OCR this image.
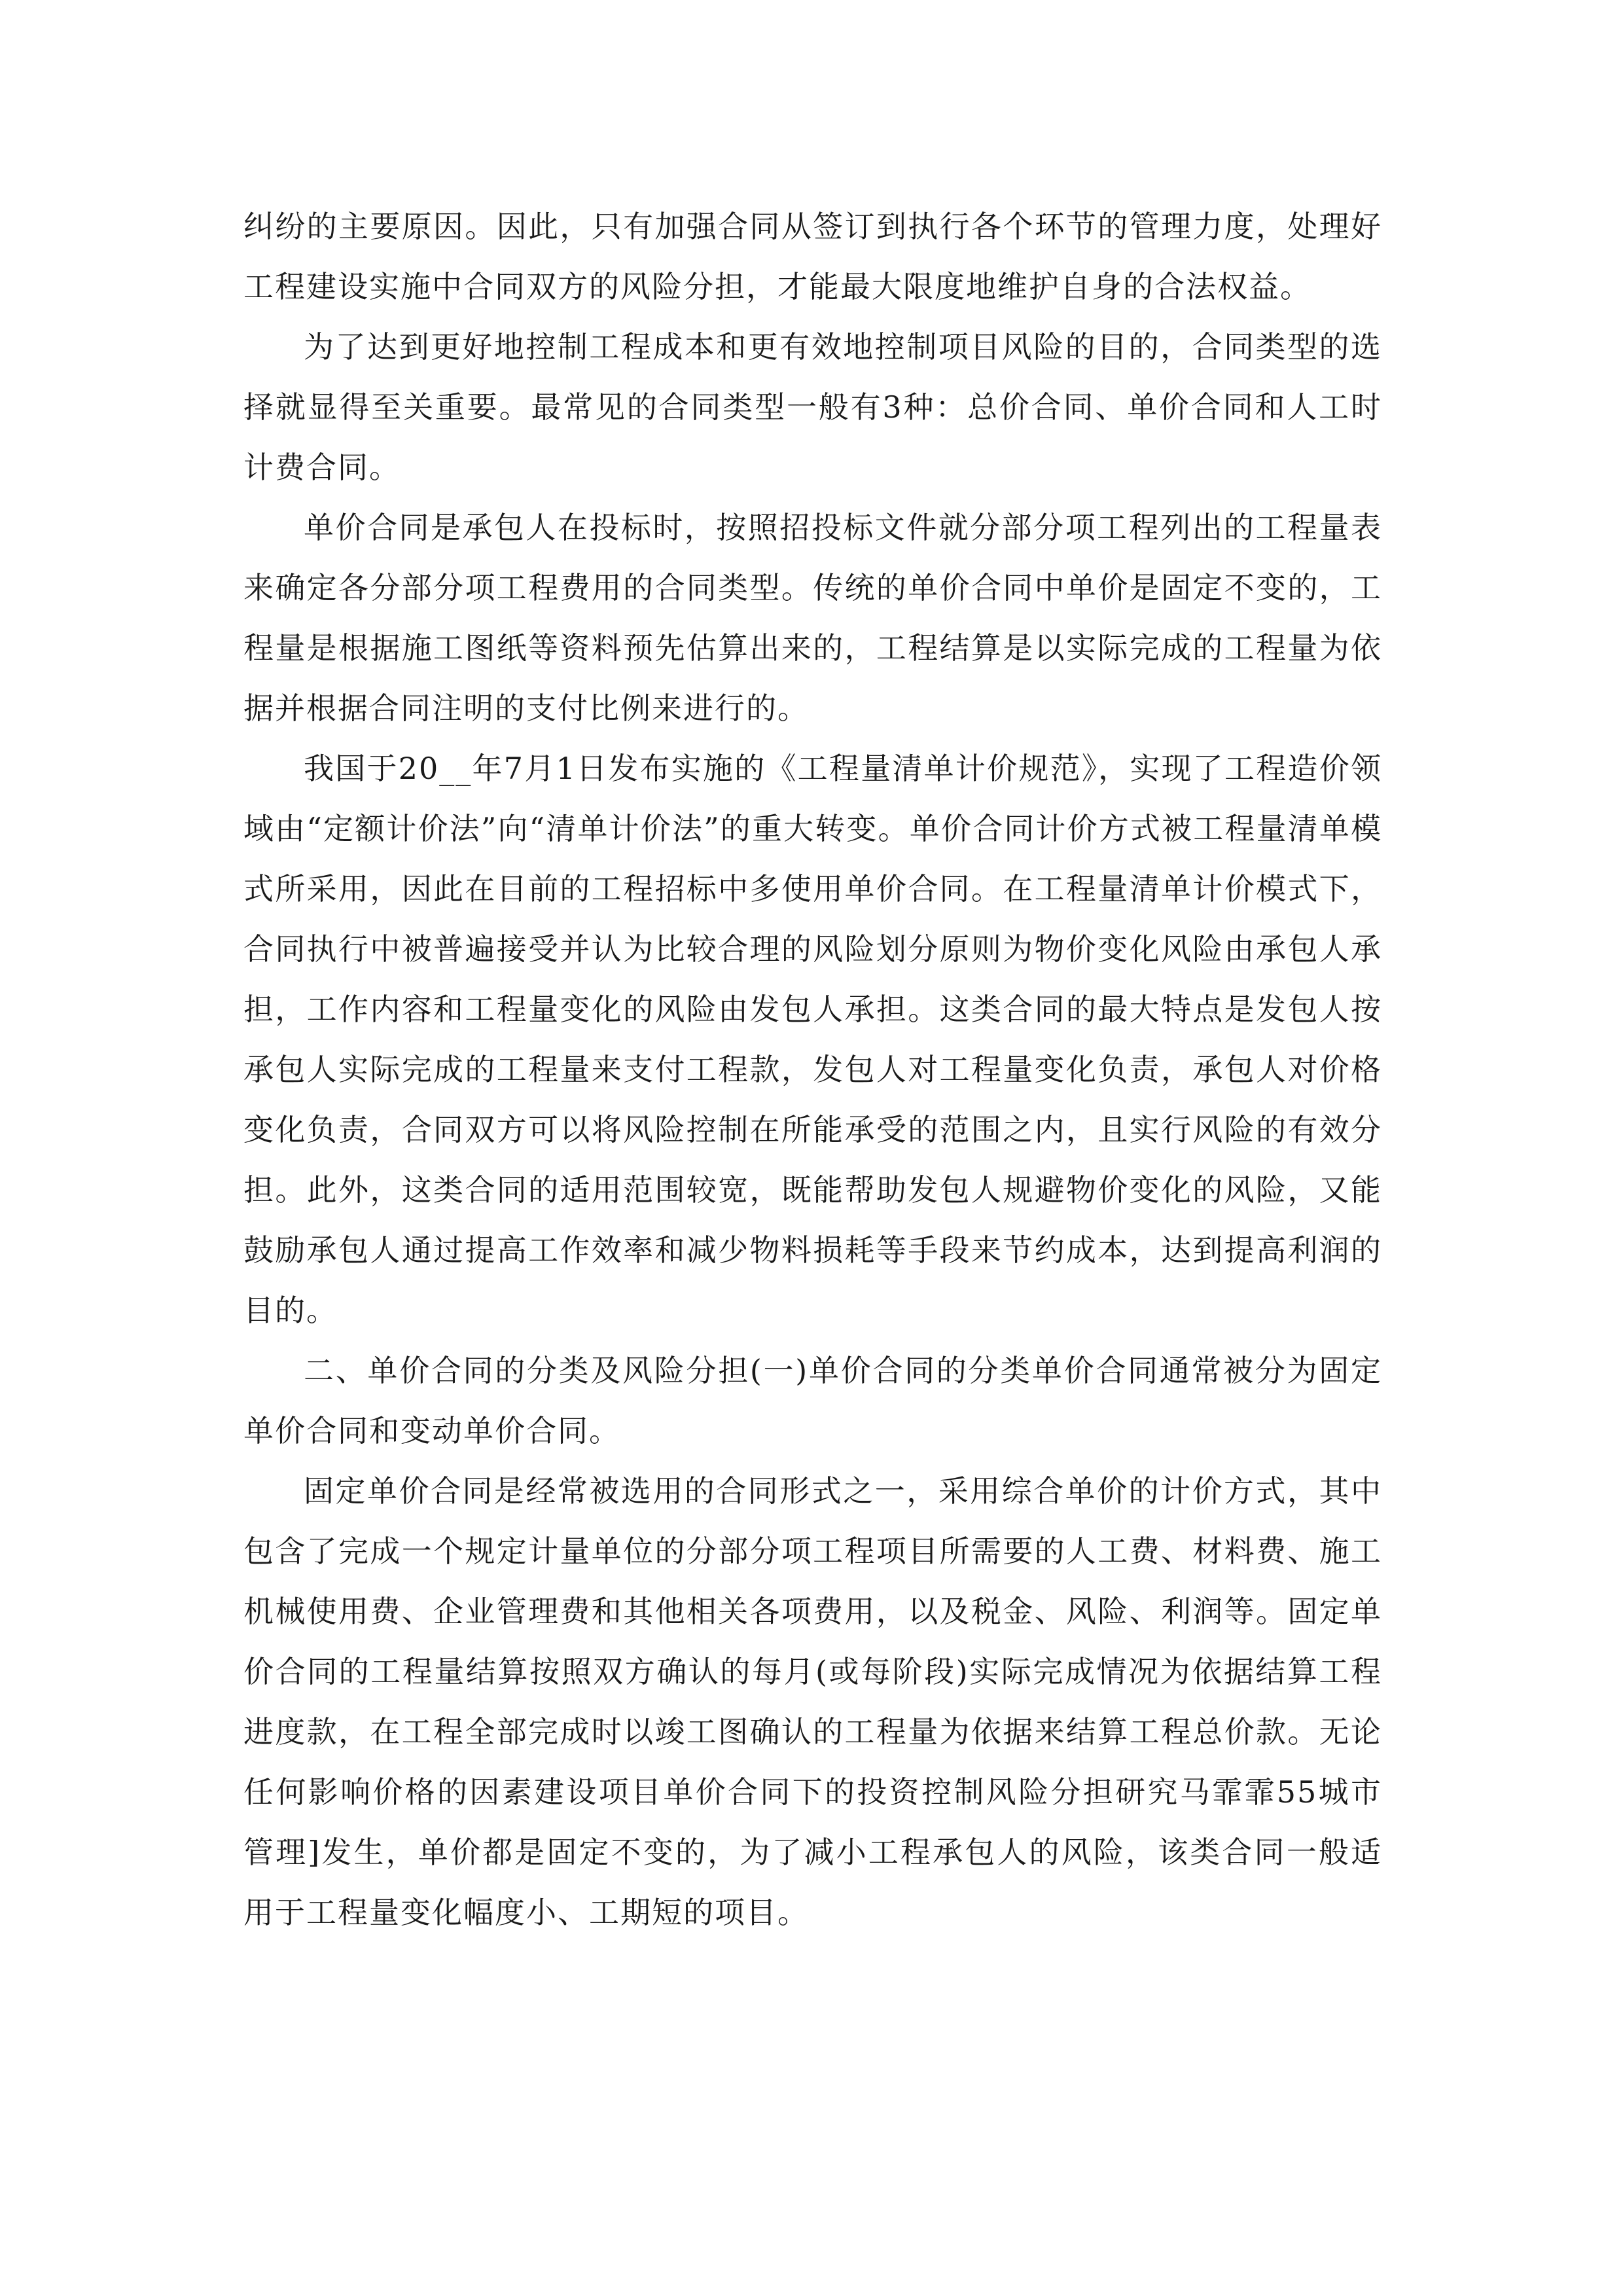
纠纷的主要原因。因此，只有加强合同从签订到执行各个环节的管理力度，处理好工程建设实施中合同双方的风险分担，才能最大限度地维护自身的合法权益。

为了达到更好地控制工程成本和更有效地控制项目风险的目的，合同类型的选择就显得至关重要。最常见的合同类型一般有3种：总价合同、单价合同和人工时计费合同。

单价合同是承包人在投标时，按照招投标文件就分部分项工程列出的工程量表来确定各分部分项工程费用的合同类型。传统的单价合同中单价是固定不变的，工程量是根据施工图纸等资料预先估算出来的，工程结算是以实际完成的工程量为依据并根据合同注明的支付比例来进行的。

我国于20__年7月1日发布实施的《工程量清单计价规范》，实现了工程造价领域由“定额计价法”向“清单计价法”的重大转变。单价合同计价方式被工程量清单模式所采用，因此在目前的工程招标中多使用单价合同。在工程量清单计价模式下，合同执行中被普遍接受并认为比较合理的风险划分原则为物价变化风险由承包人承担，工作内容和工程量变化的风险由发包人承担。这类合同的最大特点是发包人按承包人实际完成的工程量来支付工程款，发包人对工程量变化负责，承包人对价格变化负责，合同双方可以将风险控制在所能承受的范围之内，且实行风险的有效分担。此外，这类合同的适用范围较宽，既能帮助发包人规避物价变化的风险，又能鼓励承包人通过提高工作效率和减少物料损耗等手段来节约成本，达到提高利润的目的。

二、单价合同的分类及风险分担(一)单价合同的分类单价合同通常被分为固定单价合同和变动单价合同。

固定单价合同是经常被选用的合同形式之一，采用综合单价的计价方式，其中包含了完成一个规定计量单位的分部分项工程项目所需要的人工费、材料费、施工机械使用费、企业管理费和其他相关各项费用，以及税金、风险、利润等。固定单价合同的工程量结算按照双方确认的每月(或每阶段)实际完成情况为依据结算工程进度款，在工程全部完成时以竣工图确认的工程量为依据来结算工程总价款。无论任何影响价格的因素建设项目单价合同下的投资控制风险分担研究马霏霏55城市管理]发生，单价都是固定不变的，为了减小工程承包人的风险，该类合同一般适用于工程量变化幅度小、工期短的项目。
